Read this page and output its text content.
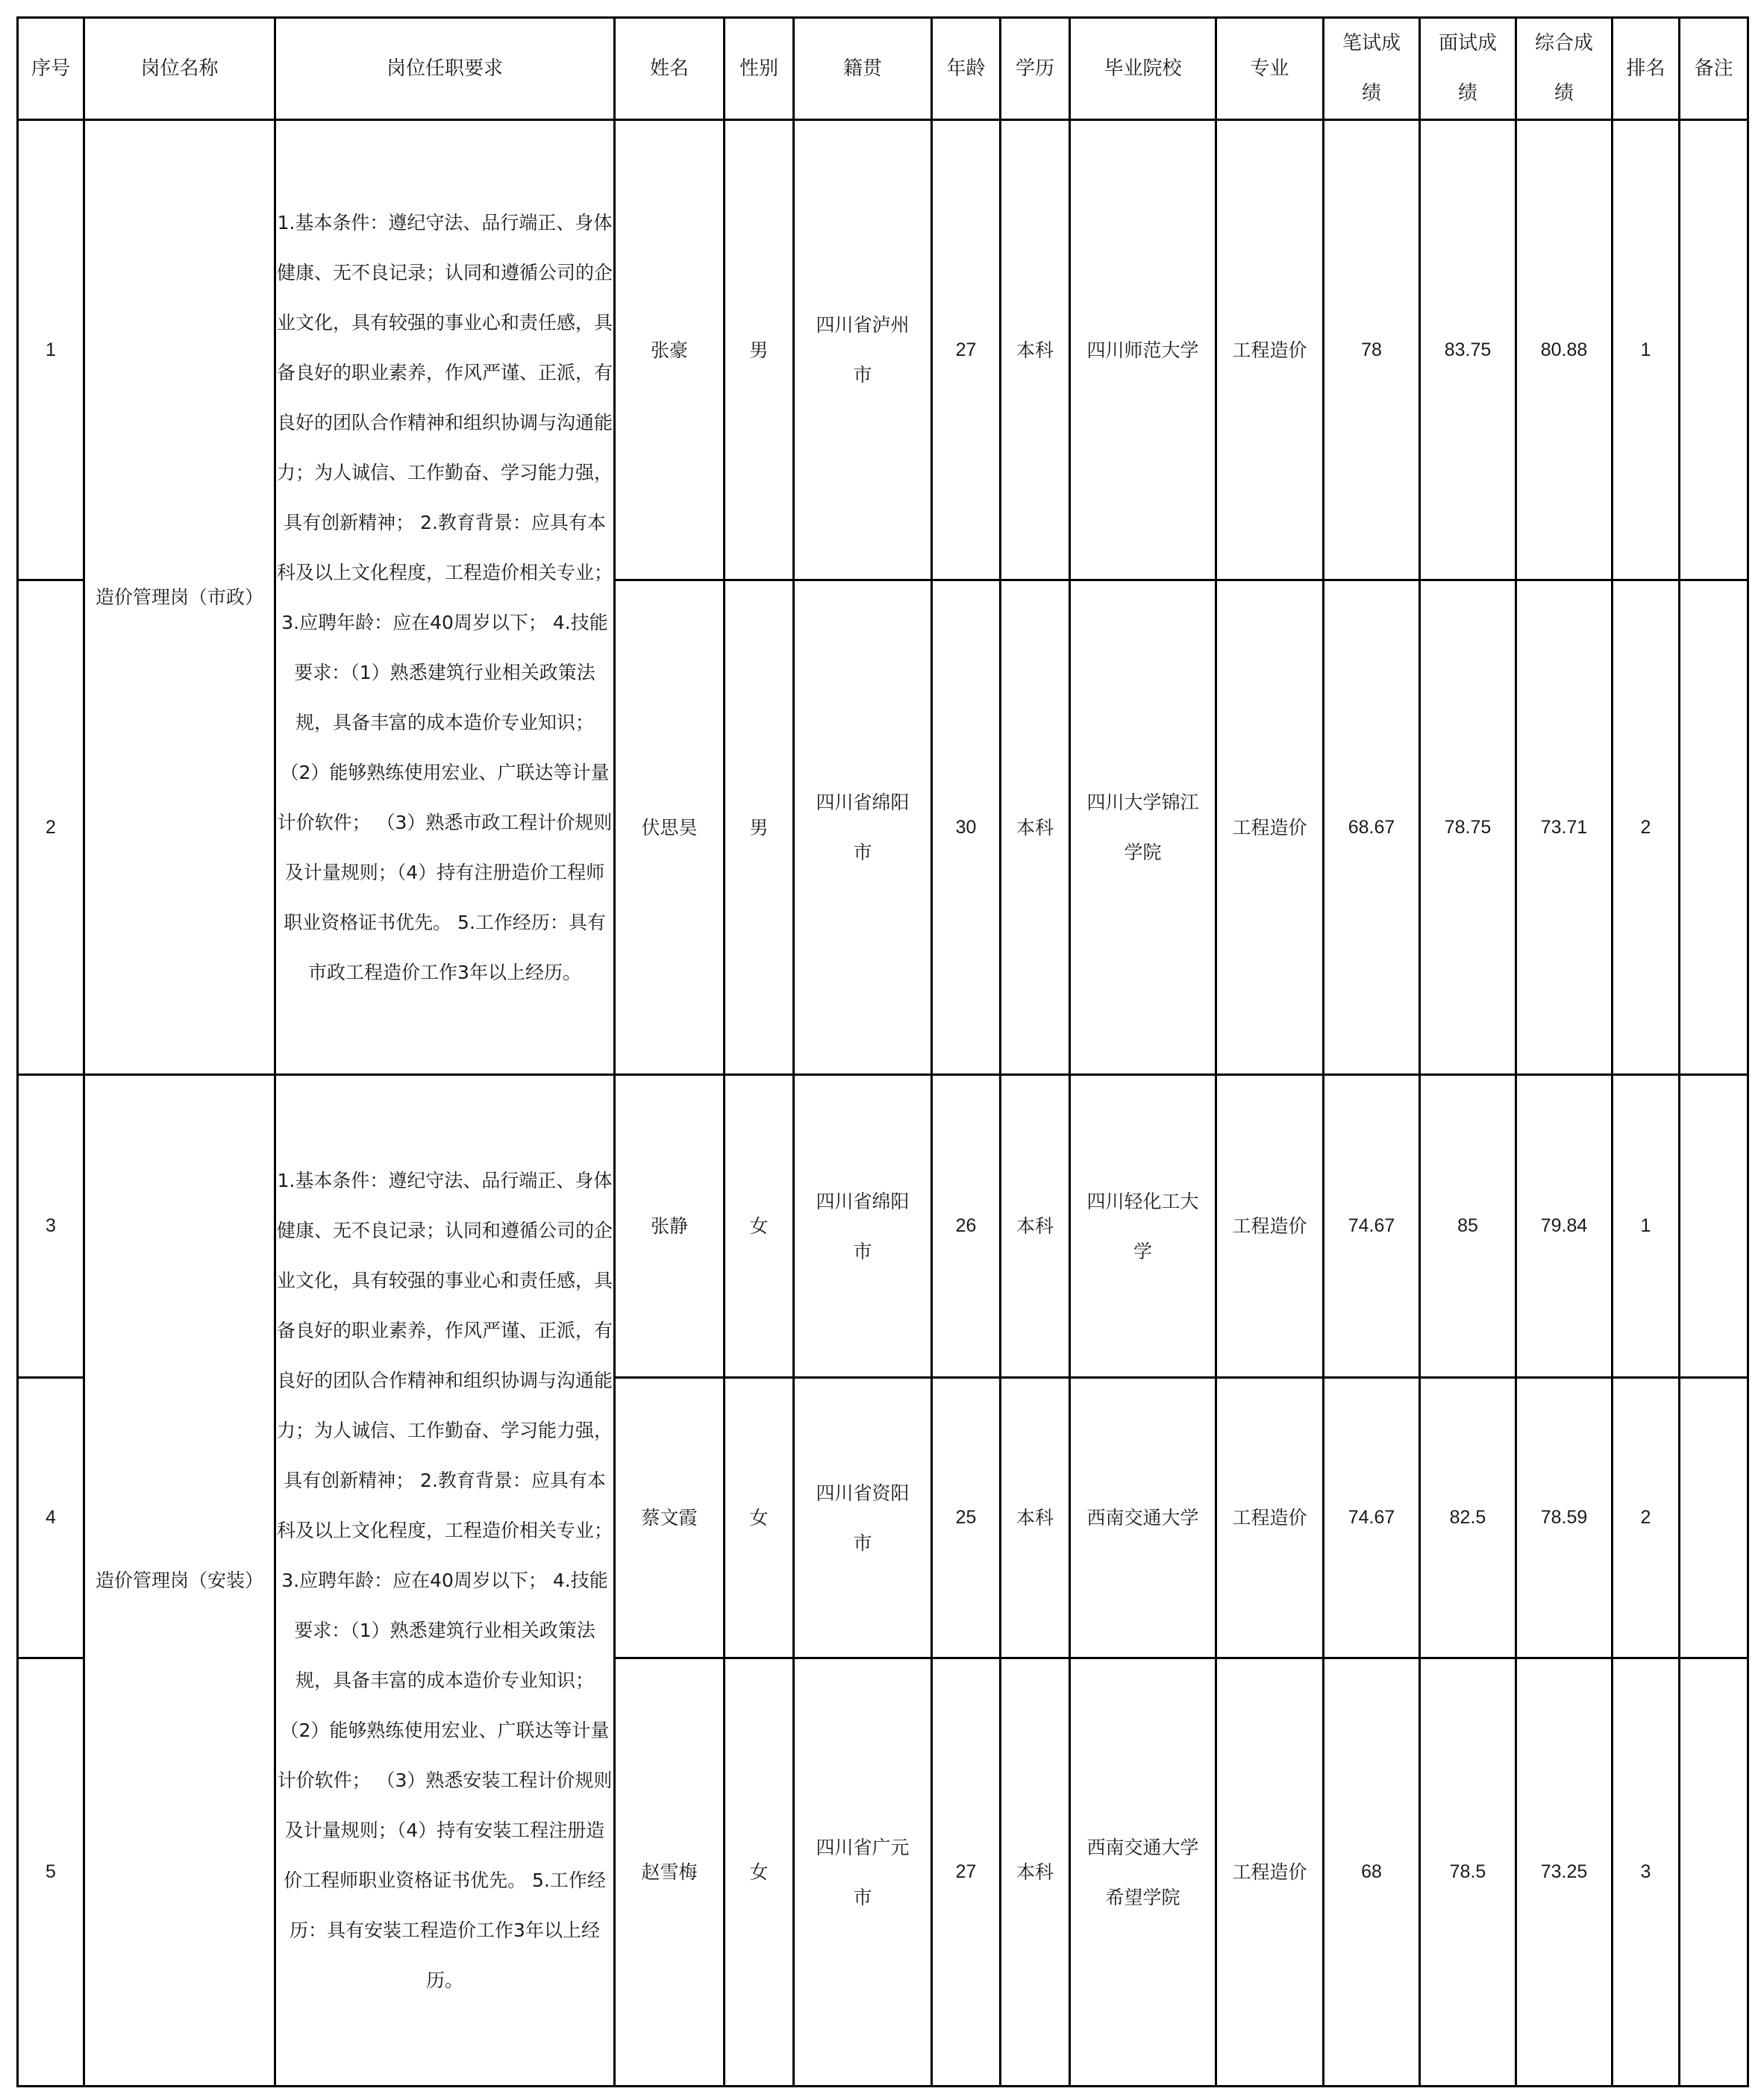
序号	岗位名称	岗位任职要求	姓名	性别	籍贯	年龄	学历	毕业院校	专业	笔试成绩	面试成绩	综合成绩	排名	备注
1	造价管理岗（市政）	1.基本条件：遵纪守法、品行端正、身体健康、无不良记录；认同和遵循公司的企业文化，具有较强的事业心和责任感，具备良好的职业素养，作风严谨、正派，有良好的团队合作精神和组织协调与沟通能力；为人诚信、工作勤奋、学习能力强，具有创新精神； 2.教育背景：应具有本科及以上文化程度，工程造价相关专业； 3.应聘年龄：应在40周岁以下； 4.技能要求：（1）熟悉建筑行业相关政策法规，具备丰富的成本造价专业知识； （2）能够熟练使用宏业、广联达等计量计价软件； （3）熟悉市政工程计价规则及计量规则；（4）持有注册造价工程师职业资格证书优先。 5.工作经历：具有市政工程造价工作3年以上经历。	张豪	男	四川省泸州市	27	本科	四川师范大学	工程造价	78	83.75	80.88	1	
2			伏思昊	男	四川省绵阳市	30	本科	四川大学锦江学院	工程造价	68.67	78.75	73.71	2	
3	造价管理岗（安装）	1.基本条件：遵纪守法、品行端正、身体健康、无不良记录；认同和遵循公司的企业文化，具有较强的事业心和责任感，具备良好的职业素养，作风严谨、正派，有良好的团队合作精神和组织协调与沟通能力；为人诚信、工作勤奋、学习能力强，具有创新精神； 2.教育背景：应具有本科及以上文化程度，工程造价相关专业； 3.应聘年龄：应在40周岁以下； 4.技能要求：（1）熟悉建筑行业相关政策法规，具备丰富的成本造价专业知识； （2）能够熟练使用宏业、广联达等计量计价软件； （3）熟悉安装工程计价规则及计量规则；（4）持有安装工程注册造价工程师职业资格证书优先。 5.工作经历：具有安装工程造价工作3年以上经历。	张静	女	四川省绵阳市	26	本科	四川轻化工大学	工程造价	74.67	85	79.84	1	
4			蔡文霞	女	四川省资阳市	25	本科	西南交通大学	工程造价	74.67	82.5	78.59	2	
5			赵雪梅	女	四川省广元市	27	本科	西南交通大学希望学院	工程造价	68	78.5	73.25	3	
